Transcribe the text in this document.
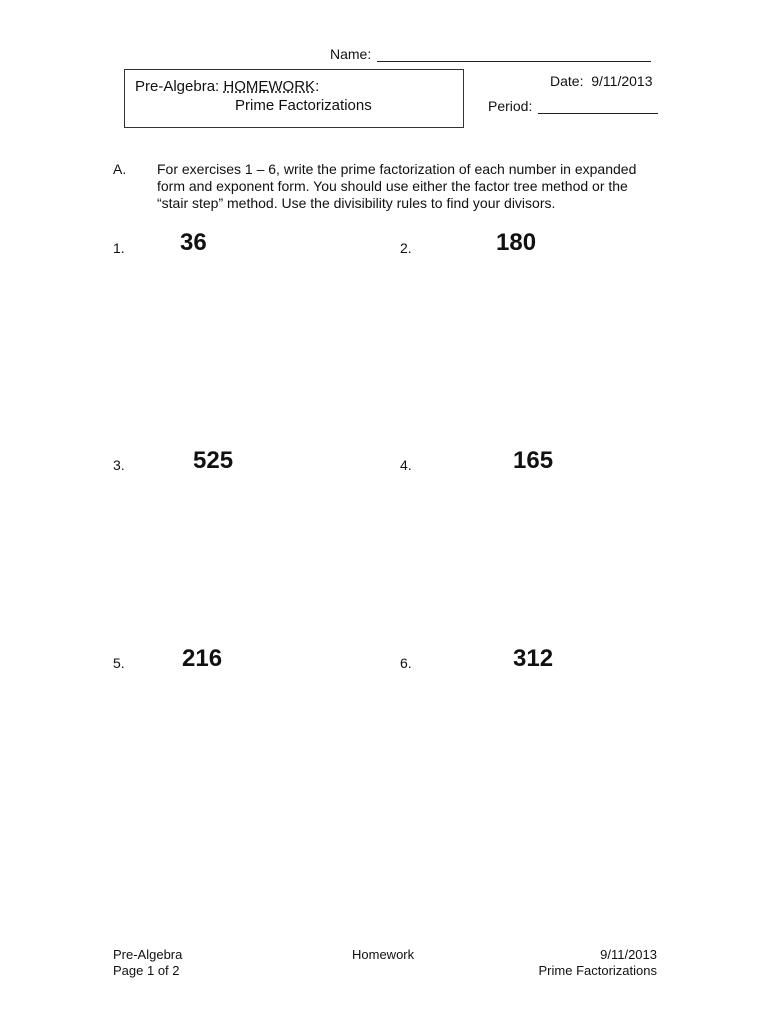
Name:
Pre-Algebra: HOMEWORK:
Prime Factorizations
Date: 9/11/2013
Period:
A. For exercises 1 – 6, write the prime factorization of each number in expanded form and exponent form. You should use either the factor tree method or the “stair step” method. Use the divisibility rules to find your divisors.
1. 36	2.	180
3.	525	4.	165
5. 216	6.	312
Pre-Algebra
Page 1 of 2
Homework	9/11/2013
Prime Factorizations
